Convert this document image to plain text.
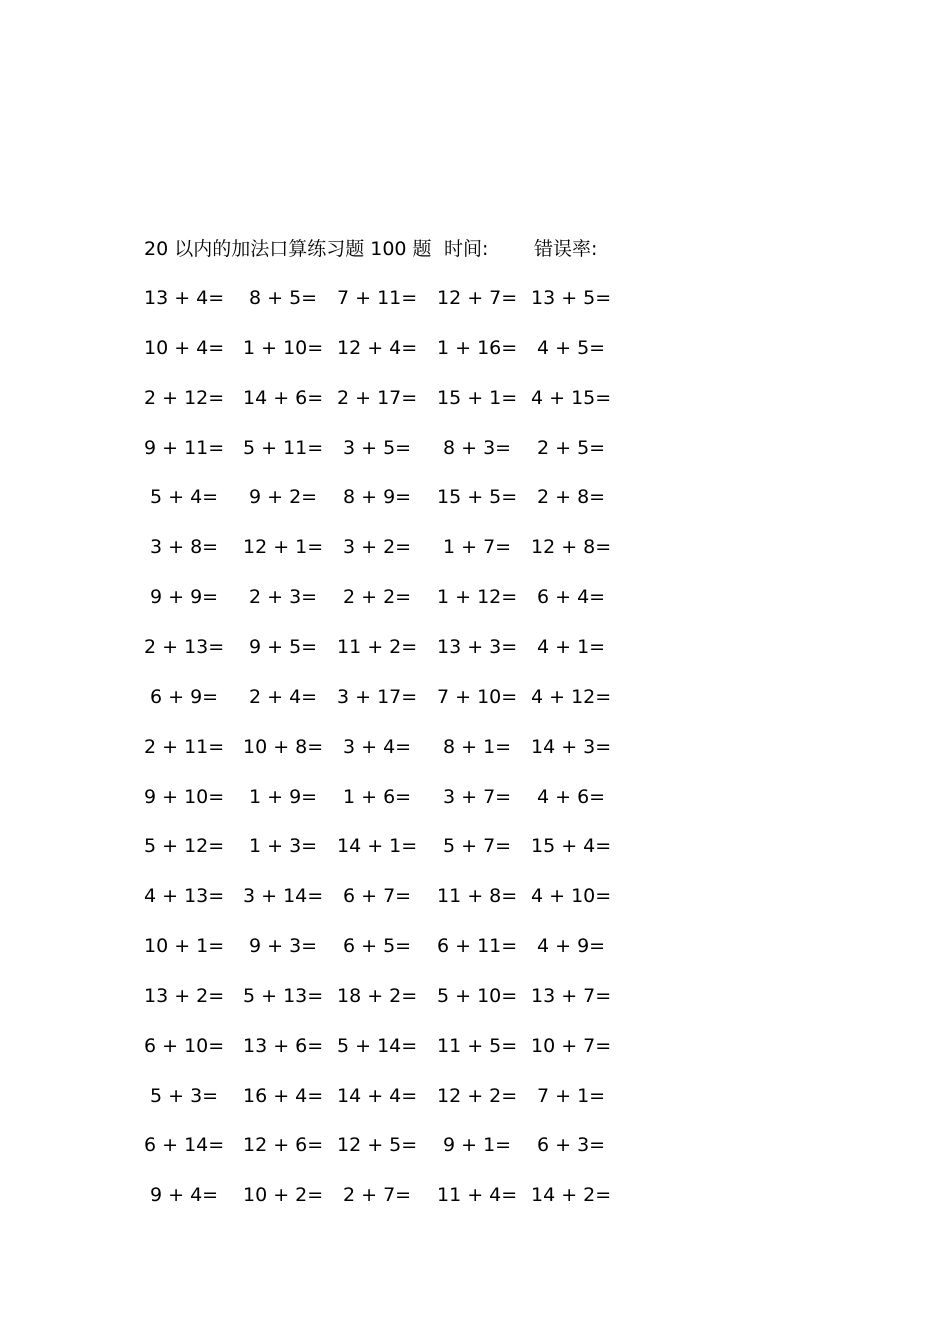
20 以内的加法口算练习题 100 题 时间: 错误率:
13 + 4= 8 + 5= 7 + 11= 12 + 7= 13 + 5=
10 + 4= 1 + 10= 12 + 4= 1 + 16= 4 + 5=
2 + 12= 14 + 6= 2 + 17= 15 + 1= 4 + 15=
9 + 11= 5 + 11= 3 + 5= 8 + 3= 2 + 5=
5 + 4= 9 + 2= 8 + 9= 15 + 5= 2 + 8=
3 + 8= 12 + 1= 3 + 2= 1 + 7= 12 + 8=
9 + 9= 2 + 3= 2 + 2= 1 + 12= 6 + 4=
2 + 13= 9 + 5= 11 + 2= 13 + 3= 4 + 1=
6 + 9= 2 + 4= 3 + 17= 7 + 10= 4 + 12=
2 + 11= 10 + 8= 3 + 4= 8 + 1= 14 + 3=
9 + 10= 1 + 9= 1 + 6= 3 + 7= 4 + 6=
5 + 12= 1 + 3= 14 + 1= 5 + 7= 15 + 4=
4 + 13= 3 + 14= 6 + 7= 11 + 8= 4 + 10=
10 + 1= 9 + 3= 6 + 5= 6 + 11= 4 + 9=
13 + 2= 5 + 13= 18 + 2= 5 + 10= 13 + 7=
6 + 10= 13 + 6= 5 + 14= 11 + 5= 10 + 7=
5 + 3= 16 + 4= 14 + 4= 12 + 2= 7 + 1=
6 + 14= 12 + 6= 12 + 5= 9 + 1= 6 + 3=
9 + 4= 10 + 2= 2 + 7= 11 + 4= 14 + 2=
